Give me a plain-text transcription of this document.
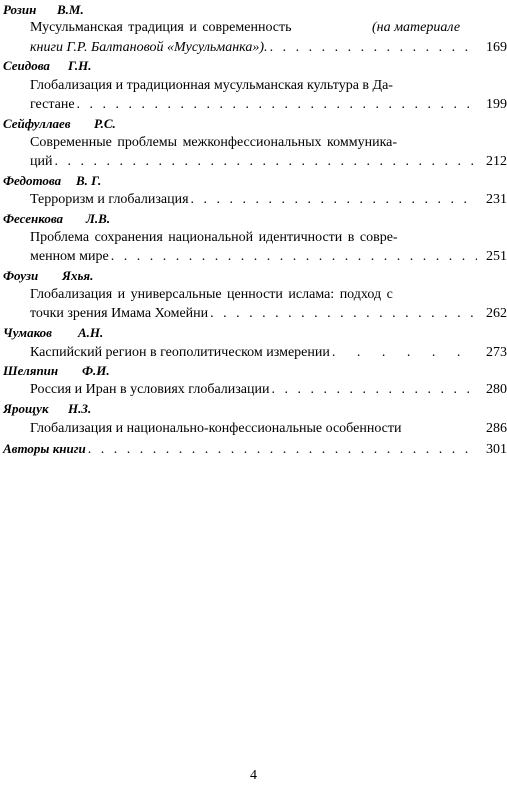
Розин В.М.
Мусульманская традиция и современность	(на материале
книги Г.Р. Балтановой «Мусульманка»). . . .	169
Сеидова Г.Н.
Глобализация и традиционная мусульманская культура в Да-
гестане . . .	199
Сейфуллаев Р.С.
Современные проблемы межконфессиональных коммуника-
ций . . .	212
Федотова В. Г.
Терроризм и глобализация . . .	231
Фесенкова Л.В.
Проблема сохранения национальной идентичности в совре-
менном мире . . .	251
Фоузи Яхья.
Глобализация и универсальные ценности ислама: подход с
точки зрения Имама Хомейни . . .	262
Чумаков А.Н.
Каспийский регион в геополитическом измерении . . .	273
Шеляпин Ф.И.
Россия и Иран в условиях глобализации . . .	280
Ярощук Н.З.
Глобализация и национально-конфессиональные особенности	286
Авторы книги . . .	301
4
